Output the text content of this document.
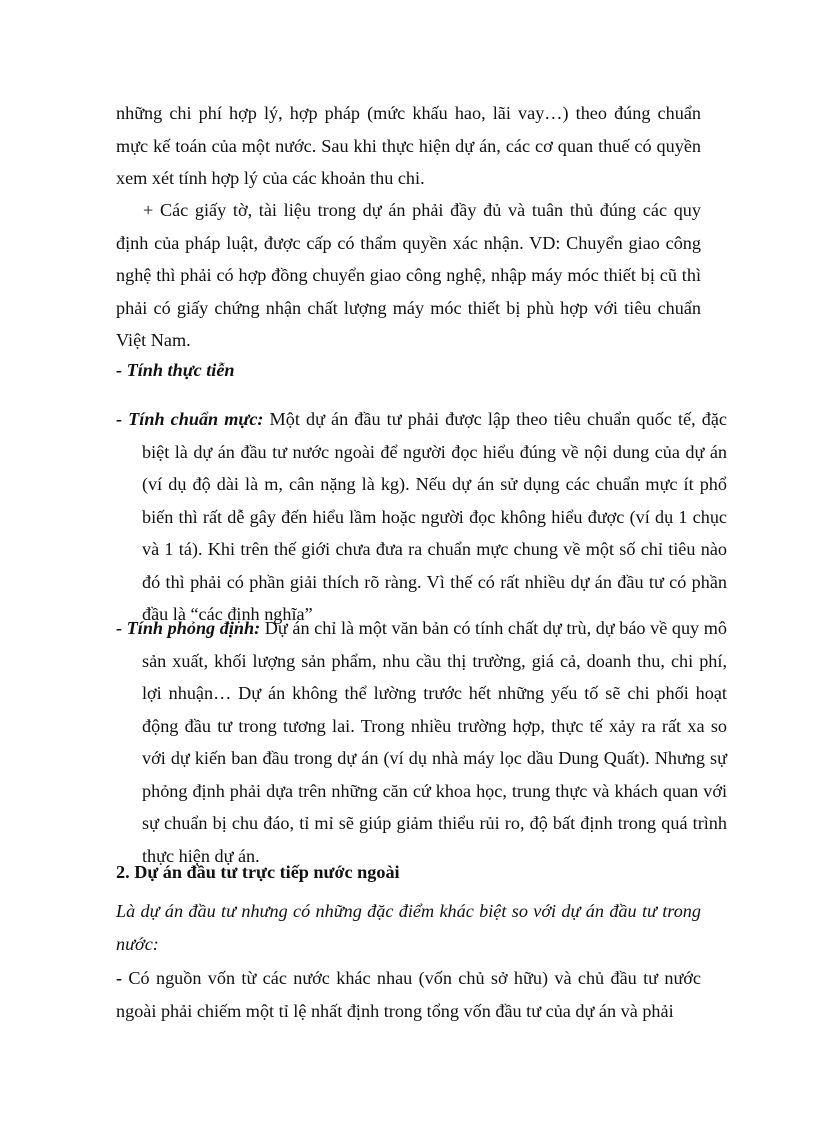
những chi phí hợp lý, hợp pháp (mức khấu hao, lãi vay…) theo đúng chuẩn mực kế toán của một nước. Sau khi thực hiện dự án, các cơ quan thuế có quyền xem xét tính hợp lý của các khoản thu chi.

+ Các giấy tờ, tài liệu trong dự án phải đầy đủ và tuân thủ đúng các quy định của pháp luật, được cấp có thẩm quyền xác nhận. VD: Chuyển giao công nghệ thì phải có hợp đồng chuyển giao công nghệ, nhập máy móc thiết bị cũ thì phải có giấy chứng nhận chất lượng máy móc thiết bị phù hợp với tiêu chuẩn Việt Nam.

- Tính thực tiễn

- Tính chuẩn mực: Một dự án đầu tư phải được lập theo tiêu chuẩn quốc tế, đặc biệt là dự án đầu tư nước ngoài để người đọc hiểu đúng về nội dung của dự án (ví dụ độ dài là m, cân nặng là kg). Nếu dự án sử dụng các chuẩn mực ít phổ biến thì rất dễ gây đến hiểu lầm hoặc người đọc không hiểu được (ví dụ 1 chục và 1 tá). Khi trên thế giới chưa đưa ra chuẩn mực chung về một số chỉ tiêu nào đó thì phải có phần giải thích rõ ràng. Vì thế có rất nhiều dự án đầu tư có phần đầu là “các định nghĩa”

- Tính phỏng định: Dự án chỉ là một văn bản có tính chất dự trù, dự báo về quy mô sản xuất, khối lượng sản phẩm, nhu cầu thị trường, giá cả, doanh thu, chi phí, lợi nhuận… Dự án không thể lường trước hết những yếu tố sẽ chi phối hoạt động đầu tư trong tương lai. Trong nhiều trường hợp, thực tế xảy ra rất xa so với dự kiến ban đầu trong dự án (ví dụ nhà máy lọc dầu Dung Quất). Nhưng sự phỏng định phải dựa trên những căn cứ khoa học, trung thực và khách quan với sự chuẩn bị chu đáo, tỉ mỉ sẽ giúp giảm thiểu rủi ro, độ bất định trong quá trình thực hiện dự án.

2. Dự án đầu tư trực tiếp nước ngoài

Là dự án đầu tư nhưng có những đặc điểm khác biệt so với dự án đầu tư trong nước:

- Có nguồn vốn từ các nước khác nhau (vốn chủ sở hữu) và chủ đầu tư nước ngoài phải chiếm một tỉ lệ nhất định trong tổng vốn đầu tư của dự án và phải
